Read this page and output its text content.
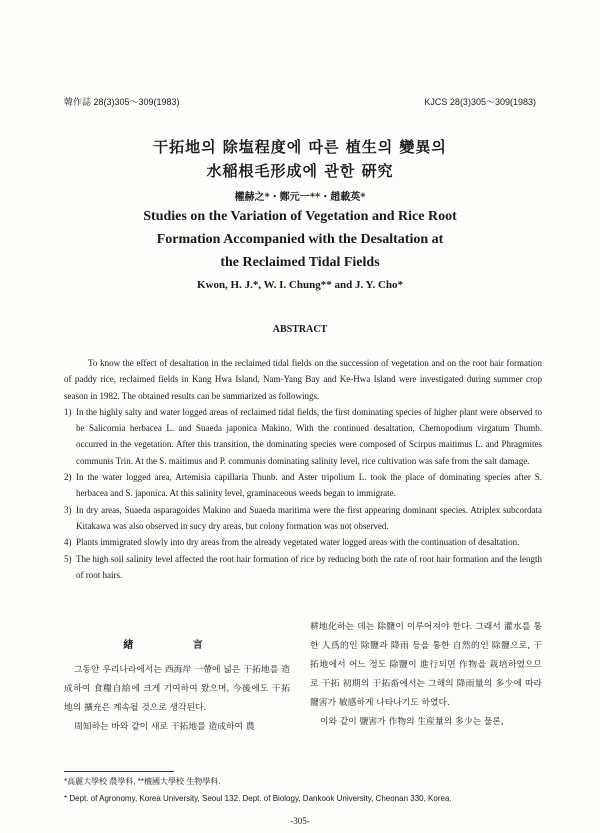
韓作誌 28(3)305～309(1983)	KJCS 28(3)305～309(1983)
干拓地의 除塩程度에 따른 植生의 變異의
水稲根毛形成에 관한 硏究
權赫之*・鄭元一**・趙載英*
Studies on the Variation of Vegetation and Rice Root
Formation Accompanied with the Desaltation at
the Reclaimed Tidal Fields
Kwon, H. J.*, W. I. Chung** and J. Y. Cho*
ABSTRACT

To know the effect of desaltation in the reclaimed tidal fields on the succession of vegetation and on the root hair formation of paddy rice, reclaimed fields in Kang Hwa Island, Nam-Yang Bay and Ke-Hwa Island were investigated during summer crop season in 1982. The obtained results can be summarized as followings.

1) In the highly salty and water logged areas of reclaimed tidal fields, the first dominating species of higher plant were observed to be Salicornia herbacea L. and Suaeda japonica Makino. With the continued desaltation, Chemopodium virgatum Thumb. occurred in the vegetation. After this transition, the dominating species were composed of Scirpus maitimus L. and Phragmites communis Trin. At the S. maitimus and P. communis dominating salinity level, rice cultivation was safe from the salt damage.
2) In the water logged area, Artemisia capillaria Thunb. and Aster tripolium L. took the place of dominating species after S. herbacea and S. japonica. At this salinity level, graminaceous weeds began to immigrate.
3) In dry areas, Suaeda asparagoides Makino and Suaeda maritima were the first appearing dominant species. Atriplex subcordata Kitakawa was also observed in sucy dry areas, but colony formation was not observed.
4) Plants immigrated slowly into dry areas from the already vegetated water logged areas with the continuation of desaltation.
5) The high soil salinity level affected the root hair formation of rice by reducing both the rate of root hair formation and the length of root hairs.
緖 言

그동안 우리나라에서는 西海岸 一帶에 넓은 干拓地를 造成하여 食糧自給에 크게 기여하여 왔으며, 今後에도 干拓地의 擴充은 계속될 것으로 생각된다.

周知하는 바와 같이 새로 干拓地를 造成하여 農

耕地化하는 데는 除鹽이 이루어져야 한다. 그래서 灌水를 통한 人爲的인 除鹽과 降雨 등을 통한 自然的인 除鹽으로, 干拓地에서 어느 정도 除鹽이 進行되면 作物을 栽培하였으므로 干拓 初期의 干拓畓에서는 그해의 降雨量의 多少에 따라 鹽害가 敏感하게 나타나기도 하였다.

이와 같이 鹽害가 作物의 生産量의 多少는 물론,

*高麗大學校 農學科, **檀國大學校 生物學科.
* Dept. of Agronomy, Korea University, Seoul 132. Dept. of Biology, Dankook University, Cheonan 330, Korea.
-305-
